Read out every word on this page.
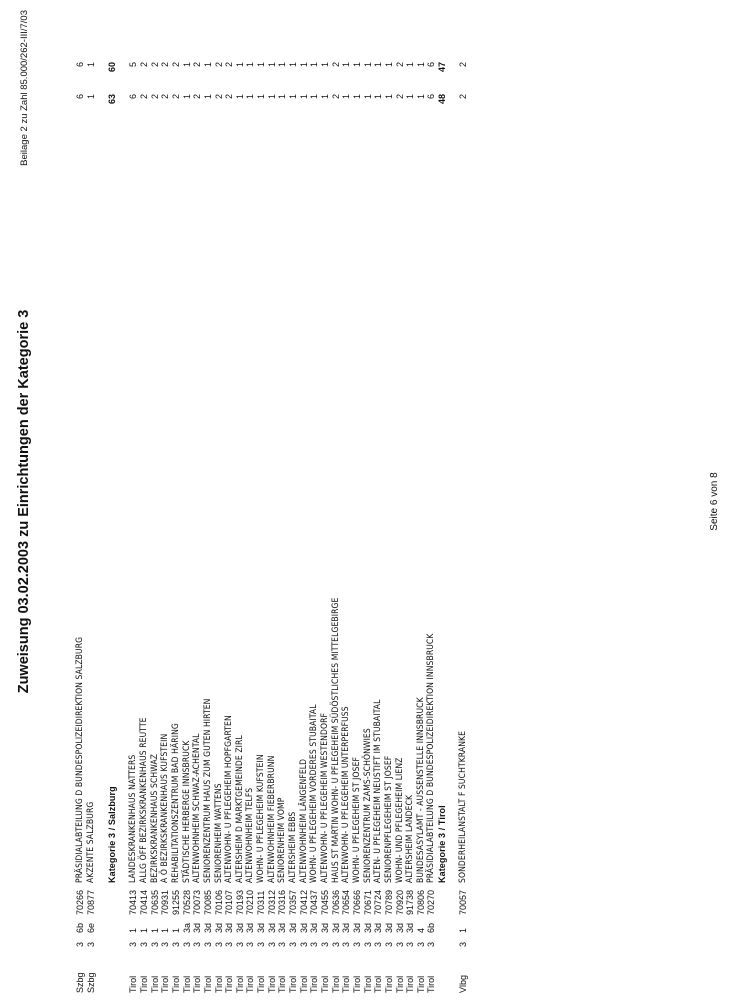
Zuweisung 03.02.2003 zu Einrichtungen der Kategorie 3
Beilage 2 zu Zahl 85.000/262-III/7/03
Szbg
3
6b
70266
PRÄSIDIALABTEILUNG D BUNDESPOLIZEIDIREKTION SALZBURG
6
6
Szbg
3
6e
70877
AKZENTE SALZBURG
1
1
Kategorie 3 / Salzburg
63
60
Tirol
3
1
70413
LANDESKRANKENHAUS NATTERS
6
5
Tirol
3
1
70414
ALLG ÖFF BEZIRKSKRANKENHAUS REUTTE
2
2
Tirol
3
1
70635
BEZIRKSKRANKENHAUS SCHWAZ
2
2
Tirol
3
1
70931
A Ö BEZIRKSKRANKENHAUS KUFSTEIN
2
2
Tirol
3
1
91255
REHABILITATIONSZENTRUM BAD HÄRING
2
2
Tirol
3
3a
70528
STÄDTISCHE HERBERGE INNSBRUCK
1
1
Tirol
3
3d
70073
ALTENWOHNHEIM SCHWAZ-ACHENTAL
2
2
Tirol
3
3d
70085
SENIORENZENTRUM HAUS ZUM GUTEN HIRTEN
1
1
Tirol
3
3d
70106
SENIORENHEIM WATTENS
2
2
Tirol
3
3d
70107
ALTENWOHN- U PFLEGEHEIM HOPFGARTEN
2
2
Tirol
3
3d
70193
ALTERSHEIM D MARKTGEMEINDE ZIRL
1
1
Tirol
3
3d
70210
ALTENWOHNHEIM TELFS
1
1
Tirol
3
3d
70311
WOHN- U PFLEGEHEIM KUFSTEIN
1
1
Tirol
3
3d
70312
ALTENWOHNHEIM FIEBERBRUNN
1
1
Tirol
3
3d
70316
SENIORENHEIM VOMP
1
1
Tirol
3
3d
70357
ALTERSHEIM EBBS
1
1
Tirol
3
3d
70412
ALTENWOHNHEIM LÄNGENFELD
1
1
Tirol
3
3d
70437
WOHN- U PFLEGEHEIM VORDERES STUBAITAL
1
1
Tirol
3
3d
70455
ALTENWOHN- U PFLEGEHEIM WESTENDORF
1
1
Tirol
3
3d
70636
HAUS ST MARTIN WOHN- U PFLEGEHEIM SÜDÖSTLICHES MITTELGEBIRGE
2
2
Tirol
3
3d
70654
ALTENWOHN- U PFLEGEHEIM UNTERPERFUSS
1
1
Tirol
3
3d
70666
WOHN- U PFLEGEHEIM ST JOSEF
1
1
Tirol
3
3d
70671
SENIORENZENTRUM ZAMS-SCHÖNWIES
1
1
Tirol
3
3d
70724
ALTEN- U PFLEGEHEIM NEUSTIFT IM STUBAITAL
1
1
Tirol
3
3d
70789
SENIORENPFLEGEHEIM ST JOSEF
1
1
Tirol
3
3d
70920
WOHN- UND PFLEGEHEIM LIENZ
2
2
Tirol
3
3d
91738
ALTERSHEIM LANDECK
1
1
Tirol
3
4
70806
BUNDESASYLAMT - AUSSENSTELLE INNSBRUCK
1
1
Tirol
3
6b
70270
PRÄSIDIALABTEILUNG D BUNDESPOLIZEIDIREKTION INNSBRUCK
6
6
Kategorie 3 / Tirol
48
47
Vlbg
3
1
70057
SONDERHEILANSTALT F SUCHTKRANKE
2
2
Seite 6 von 8
